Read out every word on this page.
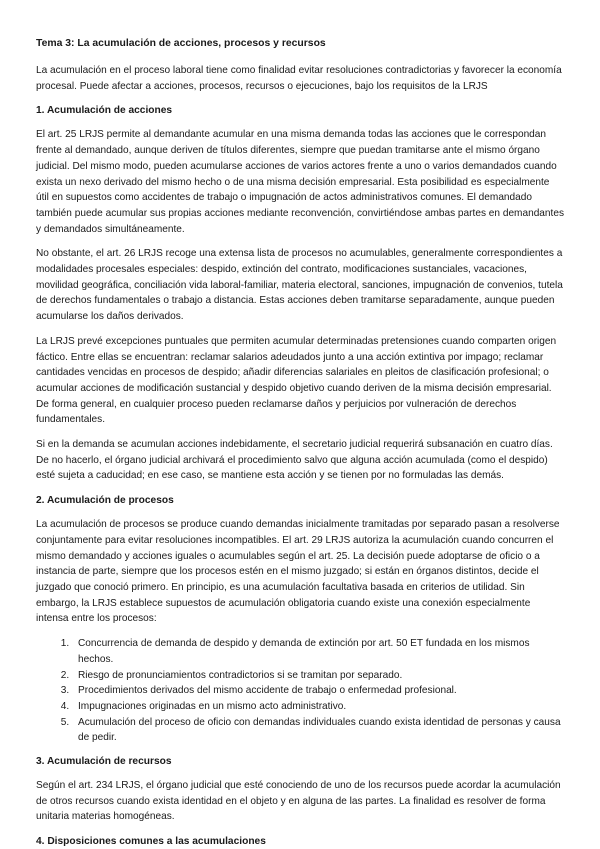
Tema 3: La acumulación de acciones, procesos y recursos

La acumulación en el proceso laboral tiene como finalidad evitar resoluciones contradictorias y favorecer la economía procesal. Puede afectar a acciones, procesos, recursos o ejecuciones, bajo los requisitos de la LRJS

1. Acumulación de acciones

El art. 25 LRJS permite al demandante acumular en una misma demanda todas las acciones que le correspondan frente al demandado, aunque deriven de títulos diferentes, siempre que puedan tramitarse ante el mismo órgano judicial. Del mismo modo, pueden acumularse acciones de varios actores frente a uno o varios demandados cuando exista un nexo derivado del mismo hecho o de una misma decisión empresarial. Esta posibilidad es especialmente útil en supuestos como accidentes de trabajo o impugnación de actos administrativos comunes. El demandado también puede acumular sus propias acciones mediante reconvención, convirtiéndose ambas partes en demandantes y demandados simultáneamente.

No obstante, el art. 26 LRJS recoge una extensa lista de procesos no acumulables, generalmente correspondientes a modalidades procesales especiales: despido, extinción del contrato, modificaciones sustanciales, vacaciones, movilidad geográfica, conciliación vida laboral-familiar, materia electoral, sanciones, impugnación de convenios, tutela de derechos fundamentales o trabajo a distancia. Estas acciones deben tramitarse separadamente, aunque pueden acumularse los daños derivados.

La LRJS prevé excepciones puntuales que permiten acumular determinadas pretensiones cuando comparten origen fáctico. Entre ellas se encuentran: reclamar salarios adeudados junto a una acción extintiva por impago; reclamar cantidades vencidas en procesos de despido; añadir diferencias salariales en pleitos de clasificación profesional; o acumular acciones de modificación sustancial y despido objetivo cuando deriven de la misma decisión empresarial. De forma general, en cualquier proceso pueden reclamarse daños y perjuicios por vulneración de derechos fundamentales.

Si en la demanda se acumulan acciones indebidamente, el secretario judicial requerirá subsanación en cuatro días. De no hacerlo, el órgano judicial archivará el procedimiento salvo que alguna acción acumulada (como el despido) esté sujeta a caducidad; en ese caso, se mantiene esta acción y se tienen por no formuladas las demás.

2. Acumulación de procesos

La acumulación de procesos se produce cuando demandas inicialmente tramitadas por separado pasan a resolverse conjuntamente para evitar resoluciones incompatibles. El art. 29 LRJS autoriza la acumulación cuando concurren el mismo demandado y acciones iguales o acumulables según el art. 25. La decisión puede adoptarse de oficio o a instancia de parte, siempre que los procesos estén en el mismo juzgado; si están en órganos distintos, decide el juzgado que conoció primero. En principio, es una acumulación facultativa basada en criterios de utilidad. Sin embargo, la LRJS establece supuestos de acumulación obligatoria cuando existe una conexión especialmente intensa entre los procesos:

1. Concurrencia de demanda de despido y demanda de extinción por art. 50 ET fundada en los mismos hechos.
2. Riesgo de pronunciamientos contradictorios si se tramitan por separado.
3. Procedimientos derivados del mismo accidente de trabajo o enfermedad profesional.
4. Impugnaciones originadas en un mismo acto administrativo.
5. Acumulación del proceso de oficio con demandas individuales cuando exista identidad de personas y causa de pedir.
3. Acumulación de recursos

Según el art. 234 LRJS, el órgano judicial que esté conociendo de uno de los recursos puede acordar la acumulación de otros recursos cuando exista identidad en el objeto y en alguna de las partes. La finalidad es resolver de forma unitaria materias homogéneas.

4. Disposiciones comunes a las acumulaciones
